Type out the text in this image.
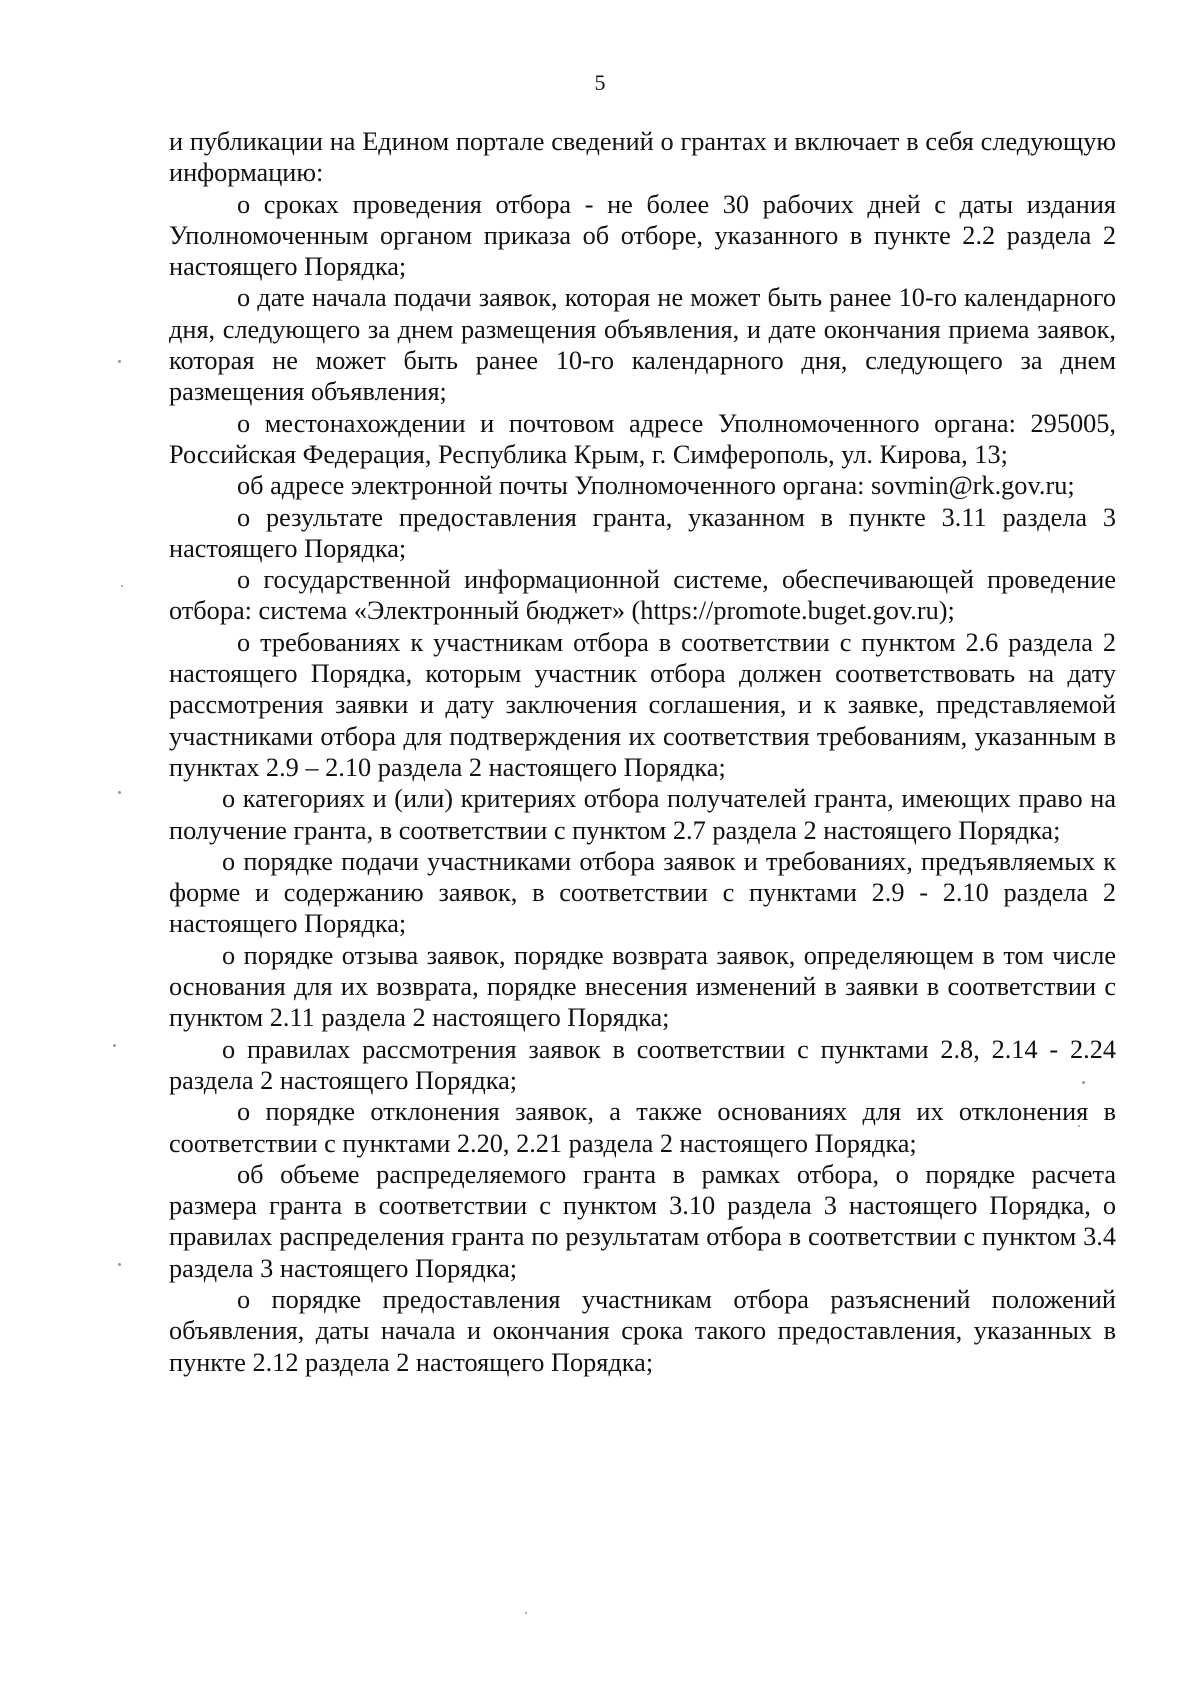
5

и публикации на Едином портале сведений о грантах и включает в себя следующую информацию:

о сроках проведения отбора - не более 30 рабочих дней с даты издания Уполномоченным органом приказа об отборе, указанного в пункте 2.2 раздела 2 настоящего Порядка;

о дате начала подачи заявок, которая не может быть ранее 10-го календарного дня, следующего за днем размещения объявления, и дате окончания приема заявок, которая не может быть ранее 10-го календарного дня, следующего за днем размещения объявления;

о местонахождении и почтовом адресе Уполномоченного органа: 295005, Российская Федерация, Республика Крым, г. Симферополь, ул. Кирова, 13;

об адресе электронной почты Уполномоченного органа: sovmin@rk.gov.ru;

о результате предоставления гранта, указанном в пункте 3.11 раздела 3 настоящего Порядка;

о государственной информационной системе, обеспечивающей проведение отбора: система «Электронный бюджет» (https://promote.buget.gov.ru);

о требованиях к участникам отбора в соответствии с пунктом 2.6 раздела 2 настоящего Порядка, которым участник отбора должен соответствовать на дату рассмотрения заявки и дату заключения соглашения, и к заявке, представляемой участниками отбора для подтверждения их соответствия требованиям, указанным в пунктах 2.9 – 2.10 раздела 2 настоящего Порядка;

о категориях и (или) критериях отбора получателей гранта, имеющих право на получение гранта, в соответствии с пунктом 2.7 раздела 2 настоящего Порядка;

о порядке подачи участниками отбора заявок и требованиях, предъявляемых к форме и содержанию заявок, в соответствии с пунктами 2.9 - 2.10 раздела 2 настоящего Порядка;

о порядке отзыва заявок, порядке возврата заявок, определяющем в том числе основания для их возврата, порядке внесения изменений в заявки в соответствии с пунктом 2.11 раздела 2 настоящего Порядка;

о правилах рассмотрения заявок в соответствии с пунктами 2.8, 2.14 - 2.24 раздела 2 настоящего Порядка;

о порядке отклонения заявок, а также основаниях для их отклонения в соответствии с пунктами 2.20, 2.21 раздела 2 настоящего Порядка;

об объеме распределяемого гранта в рамках отбора, о порядке расчета размера гранта в соответствии с пунктом 3.10 раздела 3 настоящего Порядка, о правилах распределения гранта по результатам отбора в соответствии с пунктом 3.4 раздела 3 настоящего Порядка;

о порядке предоставления участникам отбора разъяснений положений объявления, даты начала и окончания срока такого предоставления, указанных в пункте 2.12 раздела 2 настоящего Порядка;
